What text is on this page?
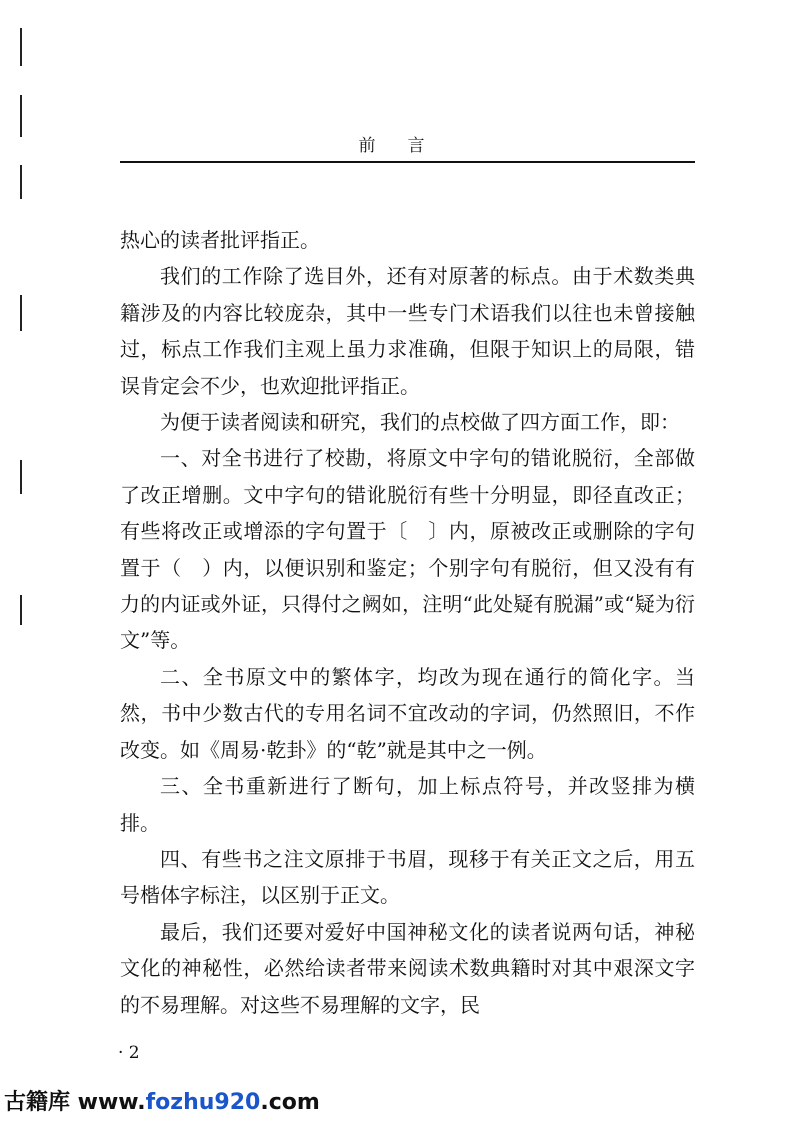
前言

热心的读者批评指正。

我们的工作除了选目外，还有对原著的标点。由于术数类典籍涉及的内容比较庞杂，其中一些专门术语我们以往也未曾接触过，标点工作我们主观上虽力求准确，但限于知识上的局限，错误肯定会不少，也欢迎批评指正。

为便于读者阅读和研究，我们的点校做了四方面工作，即：

一、对全书进行了校勘，将原文中字句的错讹脱衍，全部做了改正增删。文中字句的错讹脱衍有些十分明显，即径直改正；有些将改正或增添的字句置于〔　〕内，原被改正或删除的字句置于（　）内，以便识别和鉴定；个别字句有脱衍，但又没有有力的内证或外证，只得付之阙如，注明“此处疑有脱漏”或“疑为衍文”等。

二、全书原文中的繁体字，均改为现在通行的简化字。当然，书中少数古代的专用名词不宜改动的字词，仍然照旧，不作改变。如《周易·乾卦》的“乾”就是其中之一例。

三、全书重新进行了断句，加上标点符号，并改竖排为横排。

四、有些书之注文原排于书眉，现移于有关正文之后，用五号楷体字标注，以区别于正文。

最后，我们还要对爱好中国神秘文化的读者说两句话，神秘文化的神秘性，必然给读者带来阅读术数典籍时对其中艰深文字的不易理解。对这些不易理解的文字，民

· 2
古籍库 www.fozhu920.com
